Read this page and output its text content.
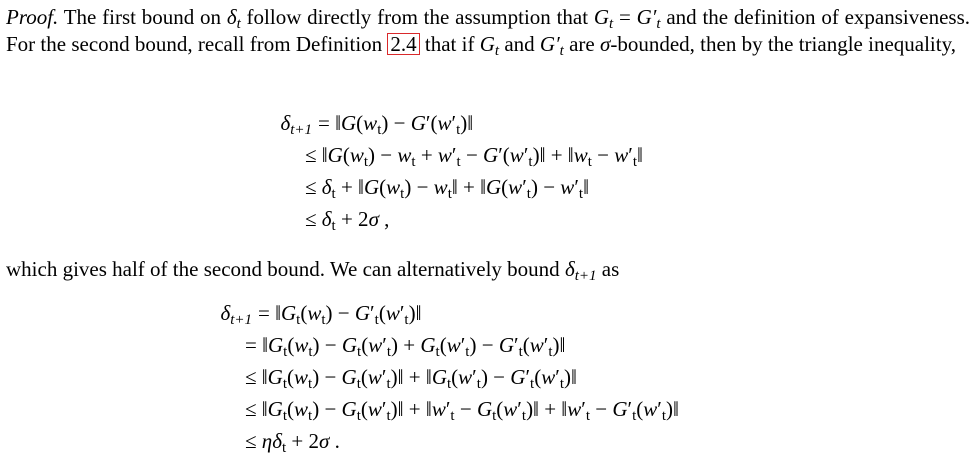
Proof. The first bound on $\delta_t$ follow directly from the assumption that $G_t = G'_t$ and the definition of expansiveness. For the second bound, recall from Definition 2.4 that if $G_t$ and $G'_t$ are σ-bounded, then by the triangle inequality,

$\delta_{t+1}$ = $‖G(w_t)$ − $G'(w'_t)‖$
≤ $‖G(w_t) - w_t + w'_t$ − $G'(w'_t)‖$ + $‖w_t$ − $w'_t‖$
≤ $\delta_t$ + $‖G(w_t)$ − $w_t‖$ + $‖G(w'_t)$ − $w'_t‖$
≤ $\delta_t + 2\sigma$ ,

which gives half of the second bound. We can alternatively bound $\delta_{t+1}$ as

$\delta_{t+1}$ = $‖G_t(w_t)$ − $G'_t(w'_t)‖$
= $‖G_t(w_t) - G_t(w'_t) + G_t(w'_t)$ − $G'_t(w'_t)‖$
≤ $‖G_t(w_t)$ − $G_t(w'_t)‖$ + $‖G_t(w'_t)$ − $G'_t(w'_t)‖$
≤ $‖G_t(w_t)$ − $G_t(w'_t)‖$ + $‖w'_t$ − $G_t(w'_t)‖$ + $‖w'_t$ − $G'_t(w'_t)‖$
≤ $\eta\delta_t + 2\sigma$ .
